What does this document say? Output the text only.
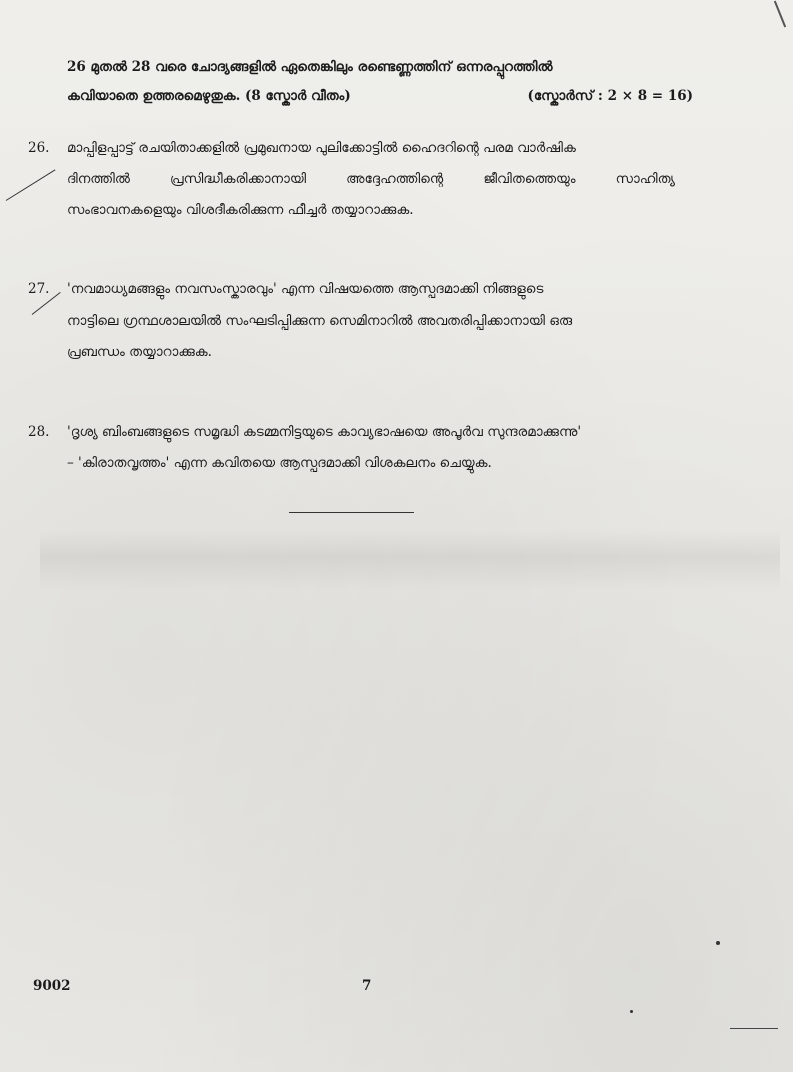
26 മുതൽ 28 വരെ ചോദ്യങ്ങളിൽ ഏതെങ്കിലും രണ്ടെണ്ണത്തിന് ഒന്നരപ്പുറത്തിൽ
കവിയാതെ ഉത്തരമെഴുതുക. (8 സ്കോർ വീതം)	(സ്കോർസ് : 2 × 8 = 16)
26. മാപ്പിളപ്പാട്ട് രചയിതാക്കളിൽ പ്രമുഖനായ പുലിക്കോട്ടിൽ ഹൈദറിന്റെ പരമ വാർഷിക
ദിനത്തിൽ	പ്രസിദ്ധീകരിക്കാനായി	അദ്ദേഹത്തിന്റെ	ജീവിതത്തെയും	സാഹിത്യ
സംഭാവനകളെയും വിശദീകരിക്കുന്ന ഫീച്ചർ തയ്യാറാക്കുക.
27. 'നവമാധ്യമങ്ങളും നവസംസ്കാരവും' എന്ന വിഷയത്തെ ആസ്പദമാക്കി നിങ്ങളുടെ
നാട്ടിലെ ഗ്രന്ഥശാലയിൽ സംഘടിപ്പിക്കുന്ന സെമിനാറിൽ അവതരിപ്പിക്കാനായി ഒരു
പ്രബന്ധം തയ്യാറാക്കുക.
28. 'ദൃശ്യ ബിംബങ്ങളുടെ സമൃദ്ധി കടമ്മനിട്ടയുടെ കാവ്യഭാഷയെ അപൂർവ സുന്ദരമാക്കുന്നു'
– 'കിരാതവൃത്തം' എന്ന കവിതയെ ആസ്പദമാക്കി വിശകലനം ചെയ്യുക.
9002	7
